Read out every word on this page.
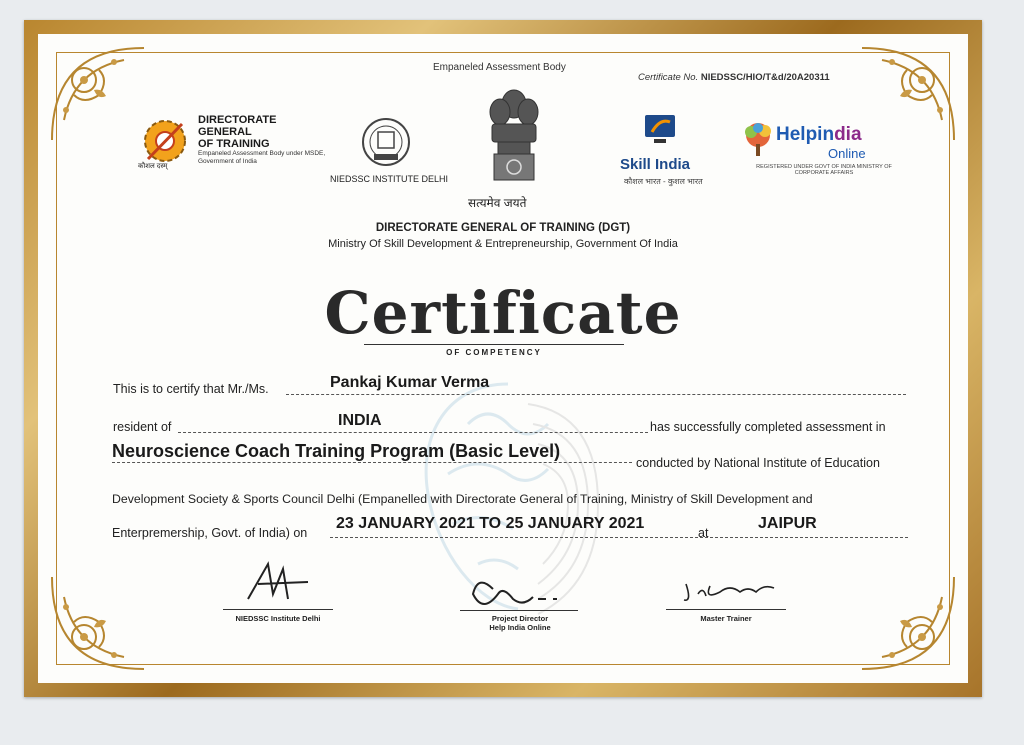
Empaneled Assessment Body
Certificate No. NIEDSSC/HIO/T&d/20A20311
DIRECTORATE
GENERAL
OF TRAINING
Empaneled Assessment Body under MSDE, Government of India
कौशल दस्म्
NIEDSSC INSTITUTE DELHI
सत्यमेव जयते
Skill India
कौशल भारत - कुशल भारत
Helpindia
Online
REGISTERED UNDER GOVT OF INDIA MINISTRY OF CORPORATE AFFAIRS
DIRECTORATE GENERAL OF TRAINING (DGT)
Ministry Of Skill Development & Entrepreneurship, Government Of India
Certificate
OF COMPETENCY
This is to certify that Mr./Ms.	Pankaj Kumar Verma
resident of	INDIA	has successfully completed assessment in
Neuroscience Coach Training Program (Basic Level)
conducted by National Institute of Education
Development Society & Sports Council Delhi (Empanelled with Directorate General of Training, Ministry of Skill Development and
Enterpremership, Govt. of India) on
23 JANUARY 2021 TO 25 JANUARY 2021
at
JAIPUR
NIEDSSC Institute Delhi	Project Director
Help India Online
Master Trainer
